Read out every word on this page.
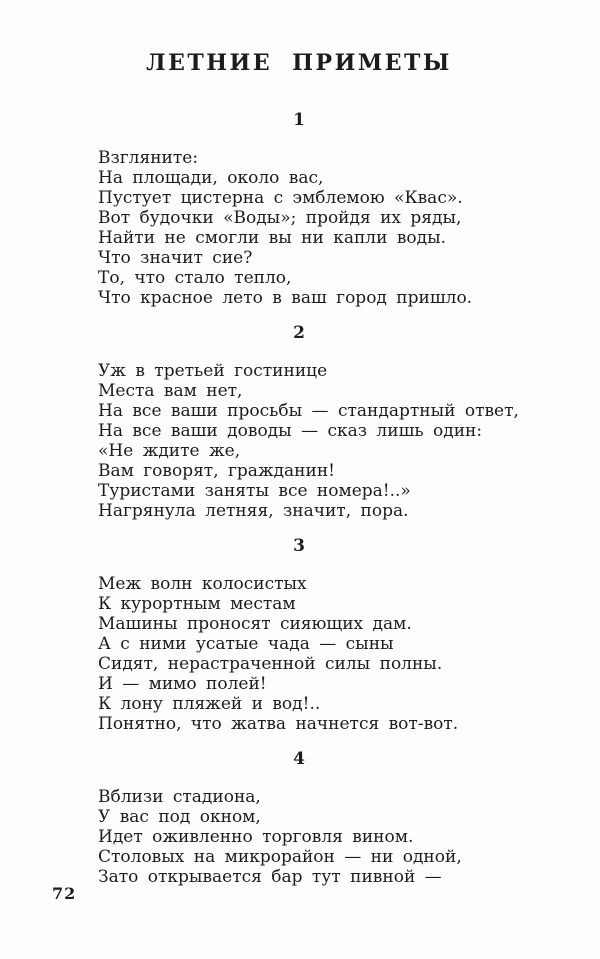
ЛЕТНИЕ ПРИМЕТЫ
1
Взгляните:
На площади, около вас,
Пустует цистерна с эмблемою «Квас».
Вот будочки «Воды»; пройдя их ряды,
Найти не смогли вы ни капли воды.
Что значит сие?
То, что стало тепло,
Что красное лето в ваш город пришло.
2
Уж в третьей гостинице
Места вам нет,
На все ваши просьбы — стандартный ответ,
На все ваши доводы — сказ лишь один:
«Не ждите же,
Вам говорят, гражданин!
Туристами заняты все номера!..»
Нагрянула летняя, значит, пора.
3
Меж волн колосистых
К курортным местам
Машины проносят сияющих дам.
А с ними усатые чада — сыны
Сидят, нерастраченной силы полны.
И — мимо полей!
К лону пляжей и вод!..
Понятно, что жатва начнется вот-вот.
4
Вблизи стадиона,
У вас под окном,
Идет оживленно торговля вином.
Столовых на микрорайон — ни одной,
Зато открывается бар тут пивной —
72
